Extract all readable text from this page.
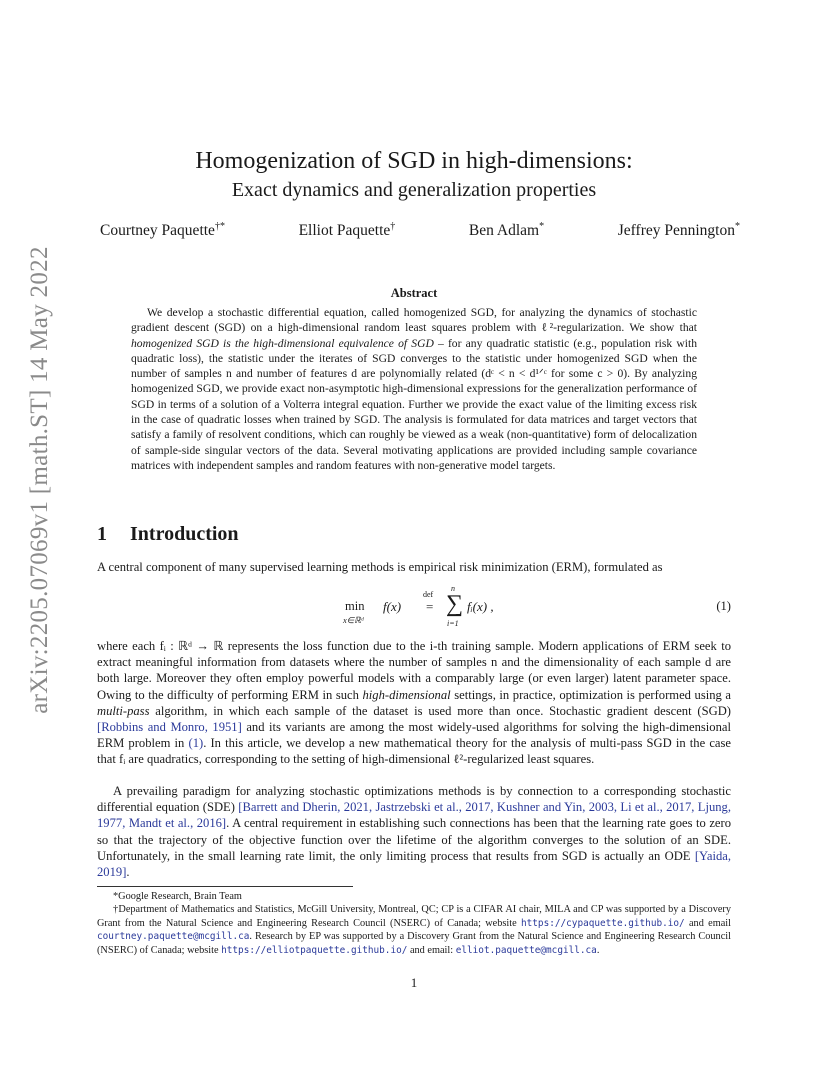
arXiv:2205.07069v1 [math.ST] 14 May 2022
Homogenization of SGD in high-dimensions:
Exact dynamics and generalization properties
Courtney Paquette†*	Elliot Paquette†	Ben Adlam*	Jeffrey Pennington*
Abstract

We develop a stochastic differential equation, called homogenized SGD, for analyzing the dynamics of stochastic gradient descent (SGD) on a high-dimensional random least squares problem with ℓ²-regularization. We show that homogenized SGD is the high-dimensional equivalence of SGD – for any quadratic statistic (e.g., population risk with quadratic loss), the statistic under the iterates of SGD converges to the statistic under homogenized SGD when the number of samples n and number of features d are polynomially related (dᶜ < n < d¹ᐟᶜ for some c > 0). By analyzing homogenized SGD, we provide exact non-asymptotic high-dimensional expressions for the generalization performance of SGD in terms of a solution of a Volterra integral equation. Further we provide the exact value of the limiting excess risk in the case of quadratic losses when trained by SGD. The analysis is formulated for data matrices and target vectors that satisfy a family of resolvent conditions, which can roughly be viewed as a weak (non-quantitative) form of delocalization of sample-side singular vectors of the data. Several motivating applications are provided including sample covariance matrices with independent samples and random features with non-generative model targets.

1 Introduction

A central component of many supervised learning methods is empirical risk minimization (ERM), formulated as

min
x∈ℝᵈ
f(x)
def
=
n
∑
i=1
fᵢ(x) ,	(1)

where each fᵢ : ℝᵈ → ℝ represents the loss function due to the i-th training sample. Modern applications of ERM seek to extract meaningful information from datasets where the number of samples n and the dimensionality of each sample d are both large. Moreover they often employ powerful models with a comparably large (or even larger) latent parameter space. Owing to the difficulty of performing ERM in such high-dimensional settings, in practice, optimization is performed using a multi-pass algorithm, in which each sample of the dataset is used more than once. Stochastic gradient descent (SGD) [Robbins and Monro, 1951] and its variants are among the most widely-used algorithms for solving the high-dimensional ERM problem in (1). In this article, we develop a new mathematical theory for the analysis of multi-pass SGD in the case that fᵢ are quadratics, corresponding to the setting of high-dimensional ℓ²-regularized least squares.

A prevailing paradigm for analyzing stochastic optimizations methods is by connection to a corresponding stochastic differential equation (SDE) [Barrett and Dherin, 2021, Jastrzebski et al., 2017, Kushner and Yin, 2003, Li et al., 2017, Ljung, 1977, Mandt et al., 2016]. A central requirement in establishing such connections has been that the learning rate goes to zero so that the trajectory of the objective function over the lifetime of the algorithm converges to the solution of an SDE. Unfortunately, in the small learning rate limit, the only limiting process that results from SGD is actually an ODE [Yaida, 2019].

*Google Research, Brain Team

†Department of Mathematics and Statistics, McGill University, Montreal, QC; CP is a CIFAR AI chair, MILA and CP was supported by a Discovery Grant from the Natural Science and Engineering Research Council (NSERC) of Canada; website https://cypaquette.github.io/ and email courtney.paquette@mcgill.ca. Research by EP was supported by a Discovery Grant from the Natural Science and Engineering Research Council (NSERC) of Canada; website https://elliotpaquette.github.io/ and email: elliot.paquette@mcgill.ca.

1
